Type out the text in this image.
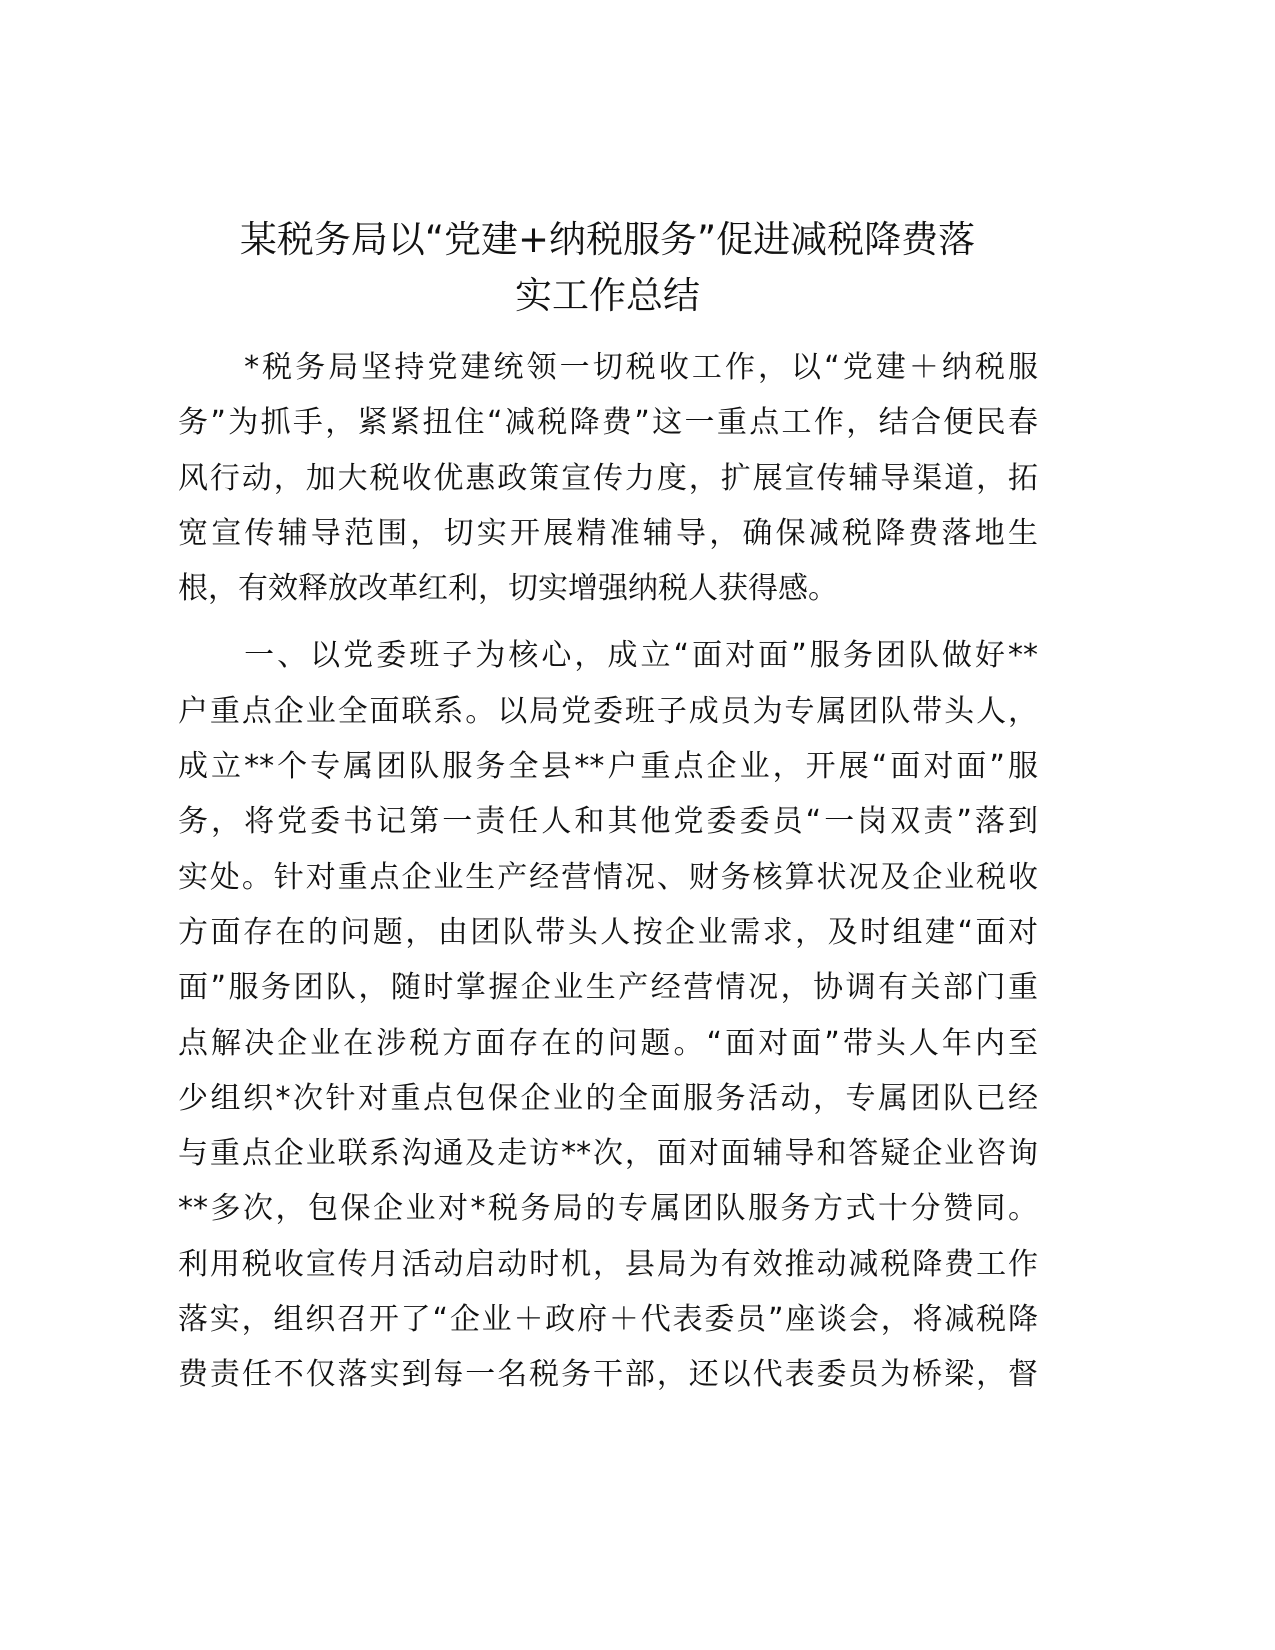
某税务局以“党建+纳税服务”促进减税降费落
实工作总结
　　*税务局坚持党建统领一切税收工作，以“党建＋纳税服
务”为抓手，紧紧扭住“减税降费”这一重点工作，结合便民春
风行动，加大税收优惠政策宣传力度，扩展宣传辅导渠道，拓
宽宣传辅导范围，切实开展精准辅导，确保减税降费落地生
根，有效释放改革红利，切实增强纳税人获得感。
　　一、以党委班子为核心，成立“面对面”服务团队做好**
户重点企业全面联系。以局党委班子成员为专属团队带头人，
成立**个专属团队服务全县**户重点企业，开展“面对面”服
务，将党委书记第一责任人和其他党委委员“一岗双责”落到
实处。针对重点企业生产经营情况、财务核算状况及企业税收
方面存在的问题，由团队带头人按企业需求，及时组建“面对
面”服务团队，随时掌握企业生产经营情况，协调有关部门重
点解决企业在涉税方面存在的问题。“面对面”带头人年内至
少组织*次针对重点包保企业的全面服务活动，专属团队已经
与重点企业联系沟通及走访**次，面对面辅导和答疑企业咨询
**多次，包保企业对*税务局的专属团队服务方式十分赞同。
利用税收宣传月活动启动时机，县局为有效推动减税降费工作
落实，组织召开了“企业＋政府＋代表委员”座谈会，将减税降
费责任不仅落实到每一名税务干部，还以代表委员为桥梁，督
